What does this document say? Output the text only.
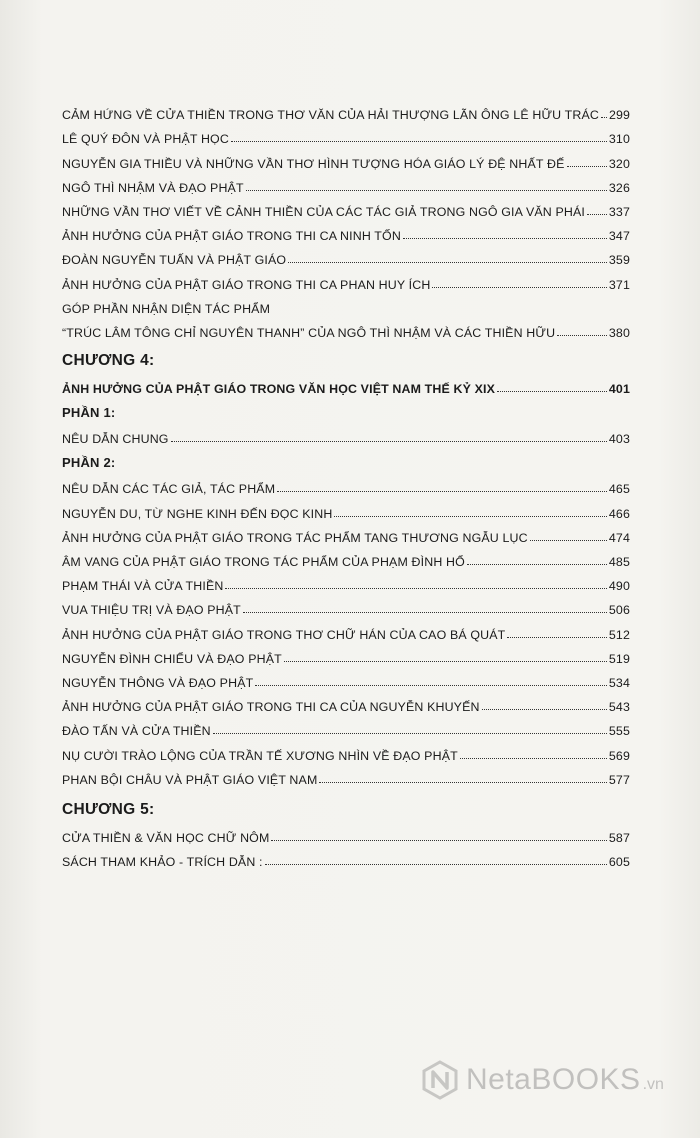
CẢM HỨNG VỀ CỬA THIỀN TRONG THƠ VĂN CỦA HẢI THƯỢNG LÃN ÔNG LÊ HỮU TRÁC 299
LÊ QUÝ ĐÔN VÀ PHẬT HỌC	310
NGUYỄN GIA THIỀU VÀ NHỮNG VẦN THƠ HÌNH TƯỢNG HÓA GIÁO LÝ ĐỆ NHẤT ĐẾ	320
NGÔ THÌ NHẬM VÀ ĐẠO PHẬT	326
NHỮNG VẦN THƠ VIẾT VỀ CẢNH THIỀN CỦA CÁC TÁC GIẢ TRONG NGÔ GIA VĂN PHÁI 337
ẢNH HƯỞNG CỦA PHẬT GIÁO TRONG THI CA NINH TỐN	347
ĐOÀN NGUYỄN TUẤN VÀ PHẬT GIÁO	359
ẢNH HƯỞNG CỦA PHẬT GIÁO TRONG THI CA PHAN HUY ÍCH	371
GÓP PHẦN NHẬN DIỆN TÁC PHẨM
“TRÚC LÂM TÔNG CHỈ NGUYÊN THANH” CỦA NGÔ THÌ NHẬM VÀ CÁC THIỀN HỮU	380
CHƯƠNG 4:
ẢNH HƯỞNG CỦA PHẬT GIÁO TRONG VĂN HỌC VIỆT NAM THẾ KỶ XIX	401
PHẦN 1:
NÊU DẪN CHUNG	403
PHẦN 2:
NÊU DẪN CÁC TÁC GIẢ, TÁC PHẨM	465
NGUYỄN DU, TỪ NGHE KINH ĐẾN ĐỌC KINH	466
ẢNH HƯỞNG CỦA PHẬT GIÁO TRONG TÁC PHẨM TANG THƯƠNG NGẪU LỤC	474
ÂM VANG CỦA PHẬT GIÁO TRONG TÁC PHẨM CỦA PHẠM ĐÌNH HỔ	485
PHẠM THÁI VÀ CỬA THIỀN	490
VUA THIỆU TRỊ VÀ ĐẠO PHẬT	506
ẢNH HƯỞNG CỦA PHẬT GIÁO TRONG THƠ CHỮ HÁN CỦA CAO BÁ QUÁT	512
NGUYỄN ĐÌNH CHIỂU VÀ ĐẠO PHẬT	519
NGUYỄN THÔNG VÀ ĐẠO PHẬT	534
ẢNH HƯỞNG CỦA PHẬT GIÁO TRONG THI CA CỦA NGUYỄN KHUYẾN	543
ĐÀO TẤN VÀ CỬA THIỀN	555
NỤ CƯỜI TRÀO LỘNG CỦA TRẦN TẾ XƯƠNG NHÌN VỀ ĐẠO PHẬT	569
PHAN BỘI CHÂU VÀ PHẬT GIÁO VIỆT NAM	577
CHƯƠNG 5:
CỬA THIỀN & VĂN HỌC CHỮ NÔM	587
SÁCH THAM KHẢO - TRÍCH DẪN :	605
NetaBOOKS .vn
